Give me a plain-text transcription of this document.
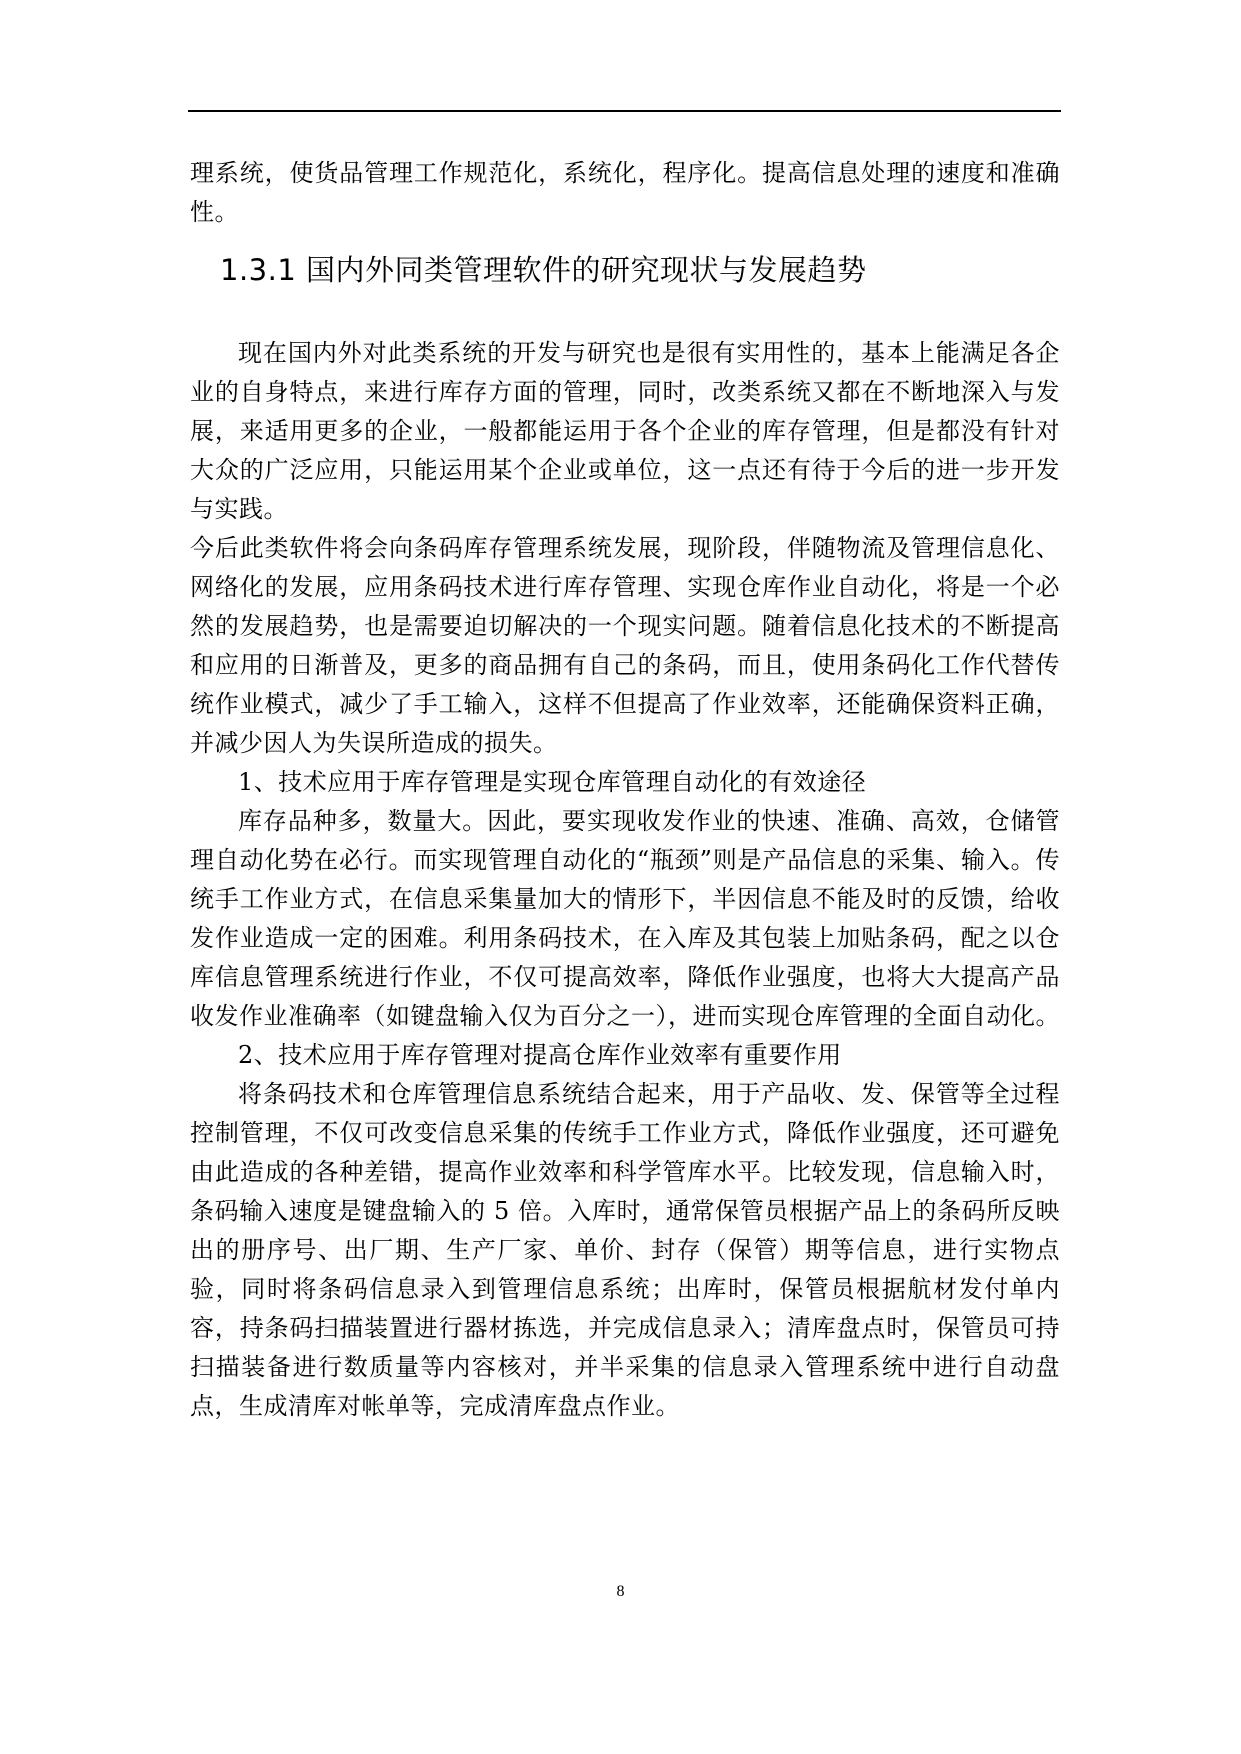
理系统，使货品管理工作规范化，系统化，程序化。提高信息处理的速度和准确性。

1.3.1 国内外同类管理软件的研究现状与发展趋势

现在国内外对此类系统的开发与研究也是很有实用性的，基本上能满足各企业的自身特点，来进行库存方面的管理，同时，改类系统又都在不断地深入与发展，来适用更多的企业，一般都能运用于各个企业的库存管理，但是都没有针对大众的广泛应用，只能运用某个企业或单位，这一点还有待于今后的进一步开发与实践。

今后此类软件将会向条码库存管理系统发展，现阶段，伴随物流及管理信息化、网络化的发展，应用条码技术进行库存管理、实现仓库作业自动化，将是一个必然的发展趋势，也是需要迫切解决的一个现实问题。随着信息化技术的不断提高和应用的日渐普及，更多的商品拥有自己的条码，而且，使用条码化工作代替传统作业模式，减少了手工输入，这样不但提高了作业效率，还能确保资料正确，并减少因人为失误所造成的损失。

1、技术应用于库存管理是实现仓库管理自动化的有效途径

库存品种多，数量大。因此，要实现收发作业的快速、准确、高效，仓储管理自动化势在必行。而实现管理自动化的“瓶颈”则是产品信息的采集、输入。传统手工作业方式，在信息采集量加大的情形下，半因信息不能及时的反馈，给收发作业造成一定的困难。利用条码技术，在入库及其包装上加贴条码，配之以仓库信息管理系统进行作业，不仅可提高效率，降低作业强度，也将大大提高产品收发作业准确率（如键盘输入仅为百分之一），进而实现仓库管理的全面自动化。

2、技术应用于库存管理对提高仓库作业效率有重要作用

将条码技术和仓库管理信息系统结合起来，用于产品收、发、保管等全过程控制管理，不仅可改变信息采集的传统手工作业方式，降低作业强度，还可避免由此造成的各种差错，提高作业效率和科学管库水平。比较发现，信息输入时，条码输入速度是键盘输入的 5 倍。入库时，通常保管员根据产品上的条码所反映出的册序号、出厂期、生产厂家、单价、封存（保管）期等信息，进行实物点验，同时将条码信息录入到管理信息系统；出库时，保管员根据航材发付单内容，持条码扫描装置进行器材拣选，并完成信息录入；清库盘点时，保管员可持扫描装备进行数质量等内容核对，并半采集的信息录入管理系统中进行自动盘点，生成清库对帐单等，完成清库盘点作业。

8
